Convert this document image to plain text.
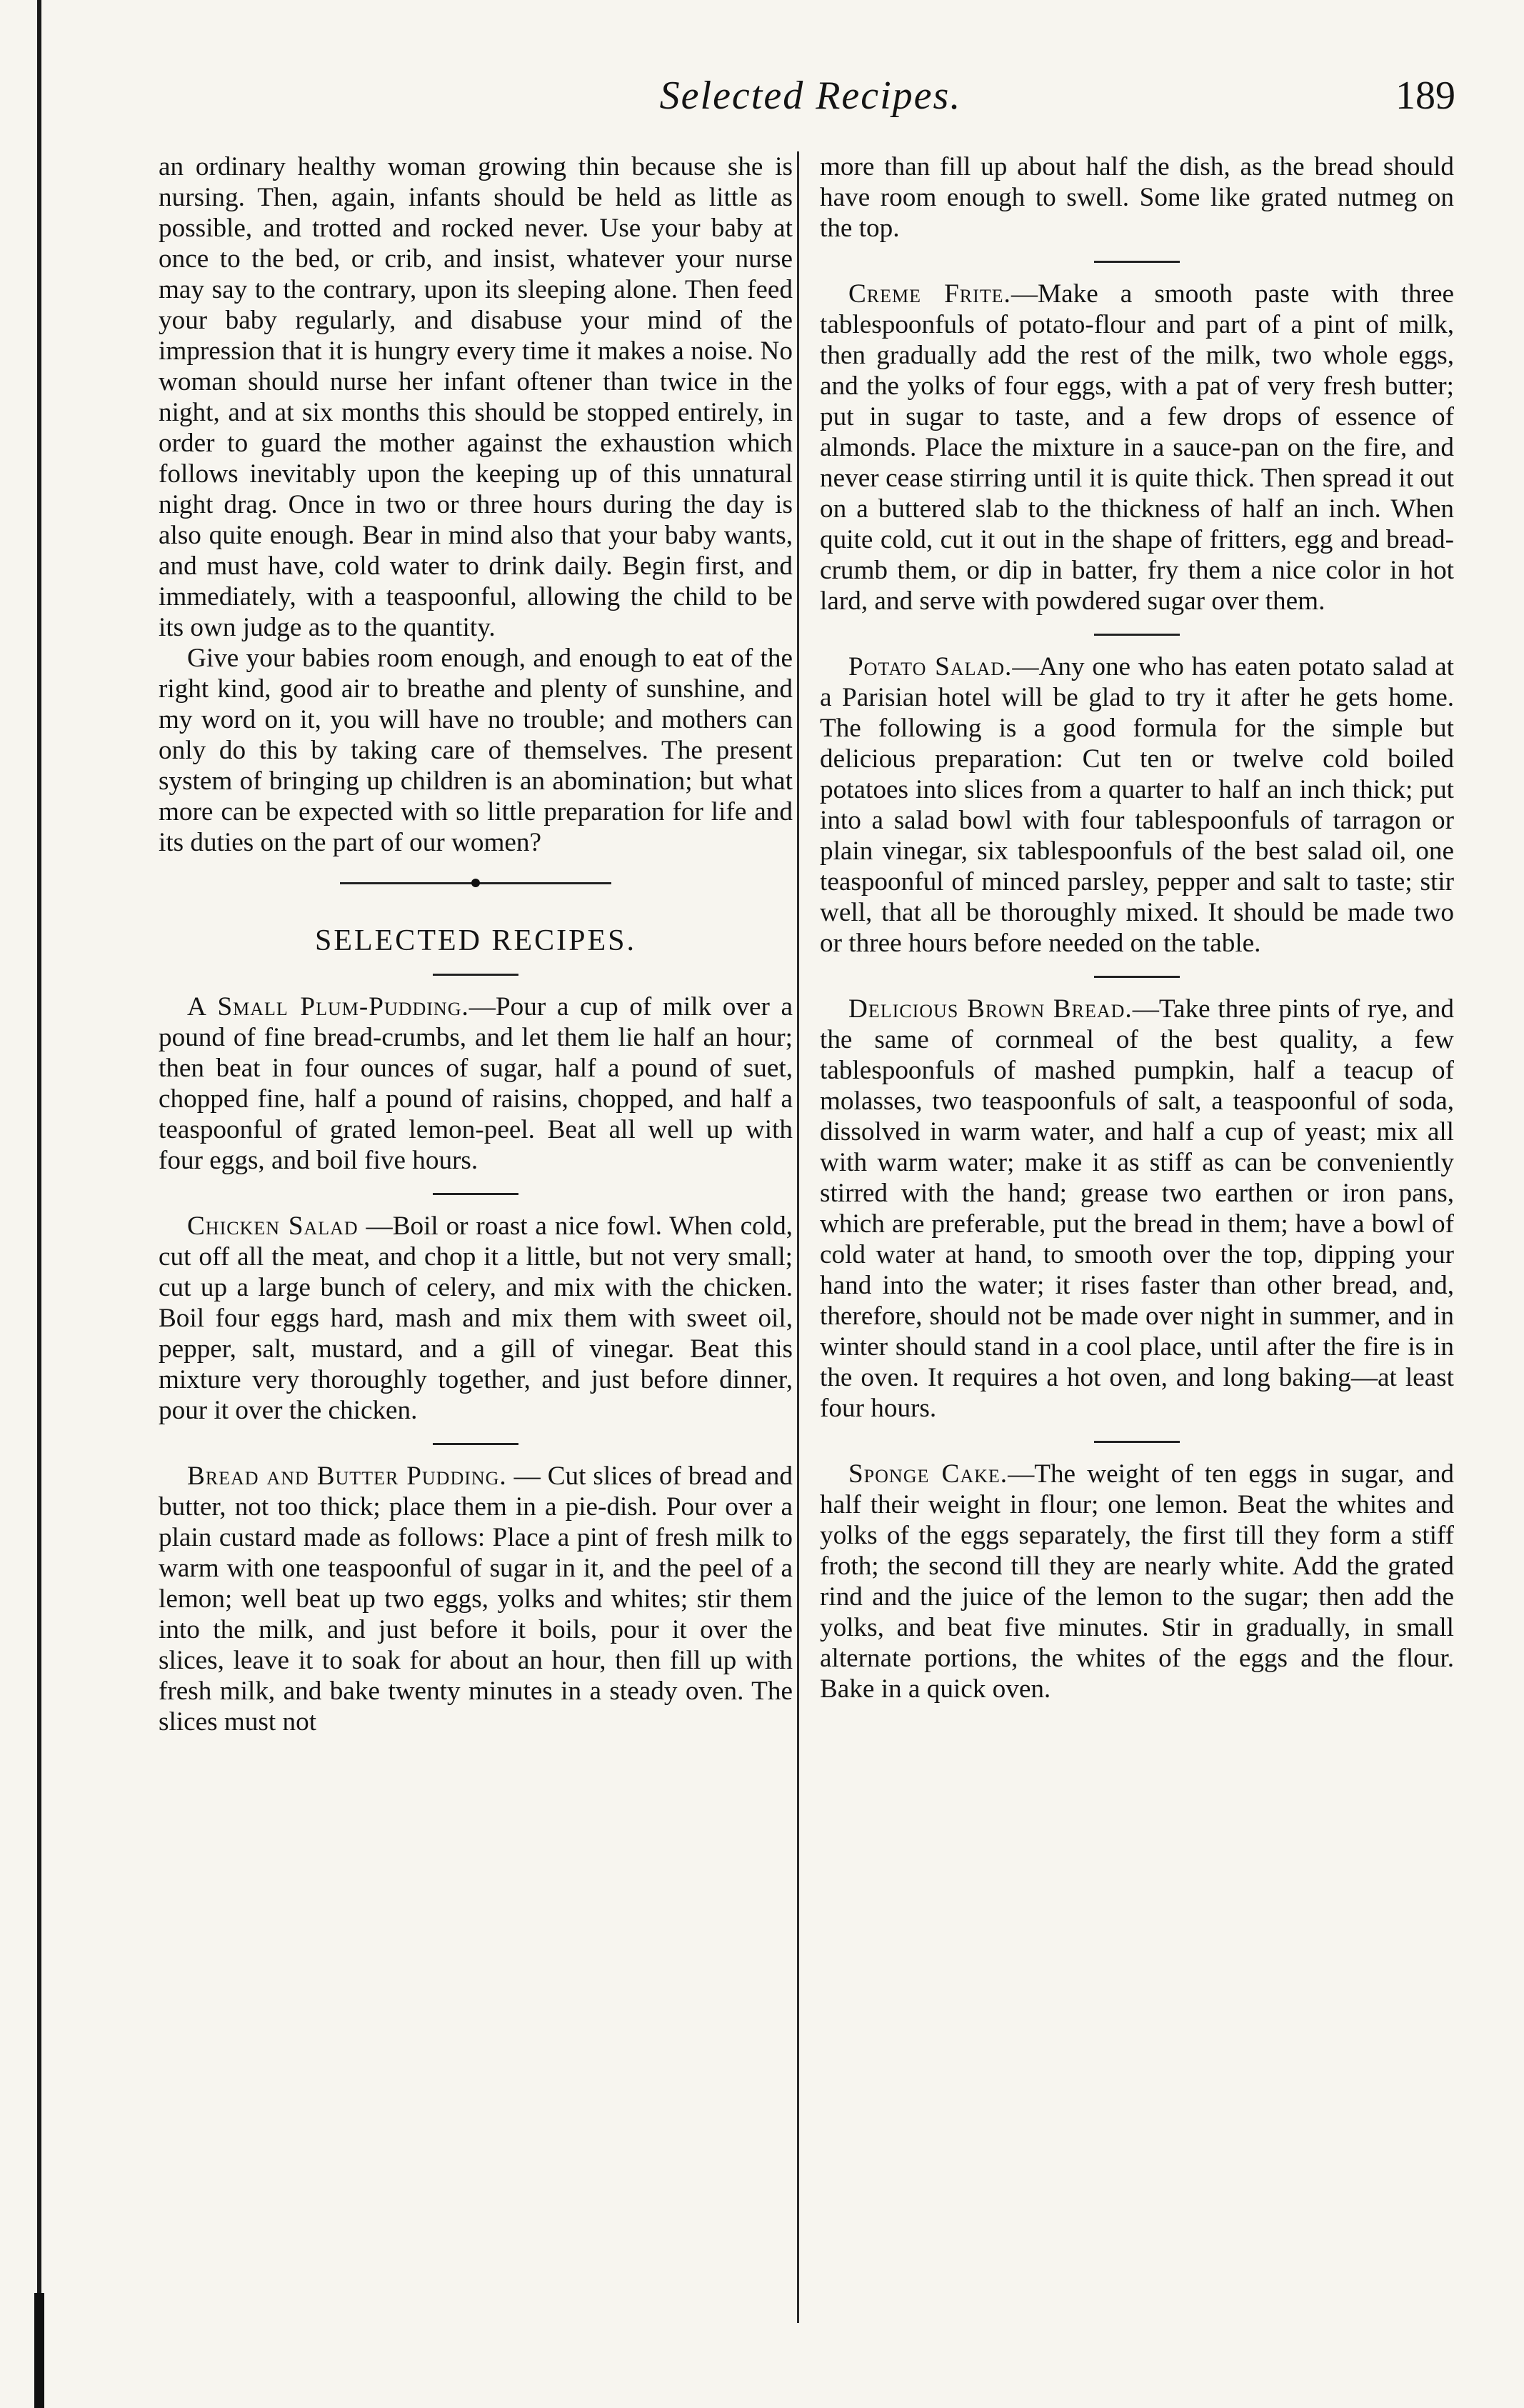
Selected Recipes.	189

an ordinary healthy woman growing thin because she is nursing. Then, again, infants should be held as little as possible, and trotted and rocked never. Use your baby at once to the bed, or crib, and insist, whatever your nurse may say to the contrary, upon its sleeping alone. Then feed your baby regularly, and disabuse your mind of the impression that it is hungry every time it makes a noise. No woman should nurse her infant oftener than twice in the night, and at six months this should be stopped entirely, in order to guard the mother against the exhaustion which follows inevitably upon the keeping up of this unnatural night drag. Once in two or three hours during the day is also quite enough. Bear in mind also that your baby wants, and must have, cold water to drink daily. Begin first, and immediately, with a teaspoonful, allowing the child to be its own judge as to the quantity.

Give your babies room enough, and enough to eat of the right kind, good air to breathe and plenty of sunshine, and my word on it, you will have no trouble; and mothers can only do this by taking care of themselves. The present system of bringing up children is an abomination; but what more can be expected with so little preparation for life and its duties on the part of our women?

SELECTED RECIPES.

A Small Plum-Pudding.—Pour a cup of milk over a pound of fine bread-crumbs, and let them lie half an hour; then beat in four ounces of sugar, half a pound of suet, chopped fine, half a pound of raisins, chopped, and half a teaspoonful of grated lemon-peel. Beat all well up with four eggs, and boil five hours.

Chicken Salad —Boil or roast a nice fowl. When cold, cut off all the meat, and chop it a little, but not very small; cut up a large bunch of celery, and mix with the chicken. Boil four eggs hard, mash and mix them with sweet oil, pepper, salt, mustard, and a gill of vinegar. Beat this mixture very thoroughly together, and just before dinner, pour it over the chicken.

Bread and Butter Pudding. — Cut slices of bread and butter, not too thick; place them in a pie-dish. Pour over a plain custard made as follows: Place a pint of fresh milk to warm with one teaspoonful of sugar in it, and the peel of a lemon; well beat up two eggs, yolks and whites; stir them into the milk, and just before it boils, pour it over the slices, leave it to soak for about an hour, then fill up with fresh milk, and bake twenty minutes in a steady oven. The slices must not

more than fill up about half the dish, as the bread should have room enough to swell. Some like grated nutmeg on the top.

Creme Frite.—Make a smooth paste with three tablespoonfuls of potato-flour and part of a pint of milk, then gradually add the rest of the milk, two whole eggs, and the yolks of four eggs, with a pat of very fresh butter; put in sugar to taste, and a few drops of essence of almonds. Place the mixture in a sauce-pan on the fire, and never cease stirring until it is quite thick. Then spread it out on a buttered slab to the thickness of half an inch. When quite cold, cut it out in the shape of fritters, egg and bread-crumb them, or dip in batter, fry them a nice color in hot lard, and serve with powdered sugar over them.

Potato Salad.—Any one who has eaten potato salad at a Parisian hotel will be glad to try it after he gets home. The following is a good formula for the simple but delicious preparation: Cut ten or twelve cold boiled potatoes into slices from a quarter to half an inch thick; put into a salad bowl with four tablespoonfuls of tarragon or plain vinegar, six tablespoonfuls of the best salad oil, one teaspoonful of minced parsley, pepper and salt to taste; stir well, that all be thoroughly mixed. It should be made two or three hours before needed on the table.

Delicious Brown Bread.—Take three pints of rye, and the same of cornmeal of the best quality, a few tablespoonfuls of mashed pumpkin, half a teacup of molasses, two teaspoonfuls of salt, a teaspoonful of soda, dissolved in warm water, and half a cup of yeast; mix all with warm water; make it as stiff as can be conveniently stirred with the hand; grease two earthen or iron pans, which are preferable, put the bread in them; have a bowl of cold water at hand, to smooth over the top, dipping your hand into the water; it rises faster than other bread, and, therefore, should not be made over night in summer, and in winter should stand in a cool place, until after the fire is in the oven. It requires a hot oven, and long baking—at least four hours.

Sponge Cake.—The weight of ten eggs in sugar, and half their weight in flour; one lemon. Beat the whites and yolks of the eggs separately, the first till they form a stiff froth; the second till they are nearly white. Add the grated rind and the juice of the lemon to the sugar; then add the yolks, and beat five minutes. Stir in gradually, in small alternate portions, the whites of the eggs and the flour. Bake in a quick oven.
